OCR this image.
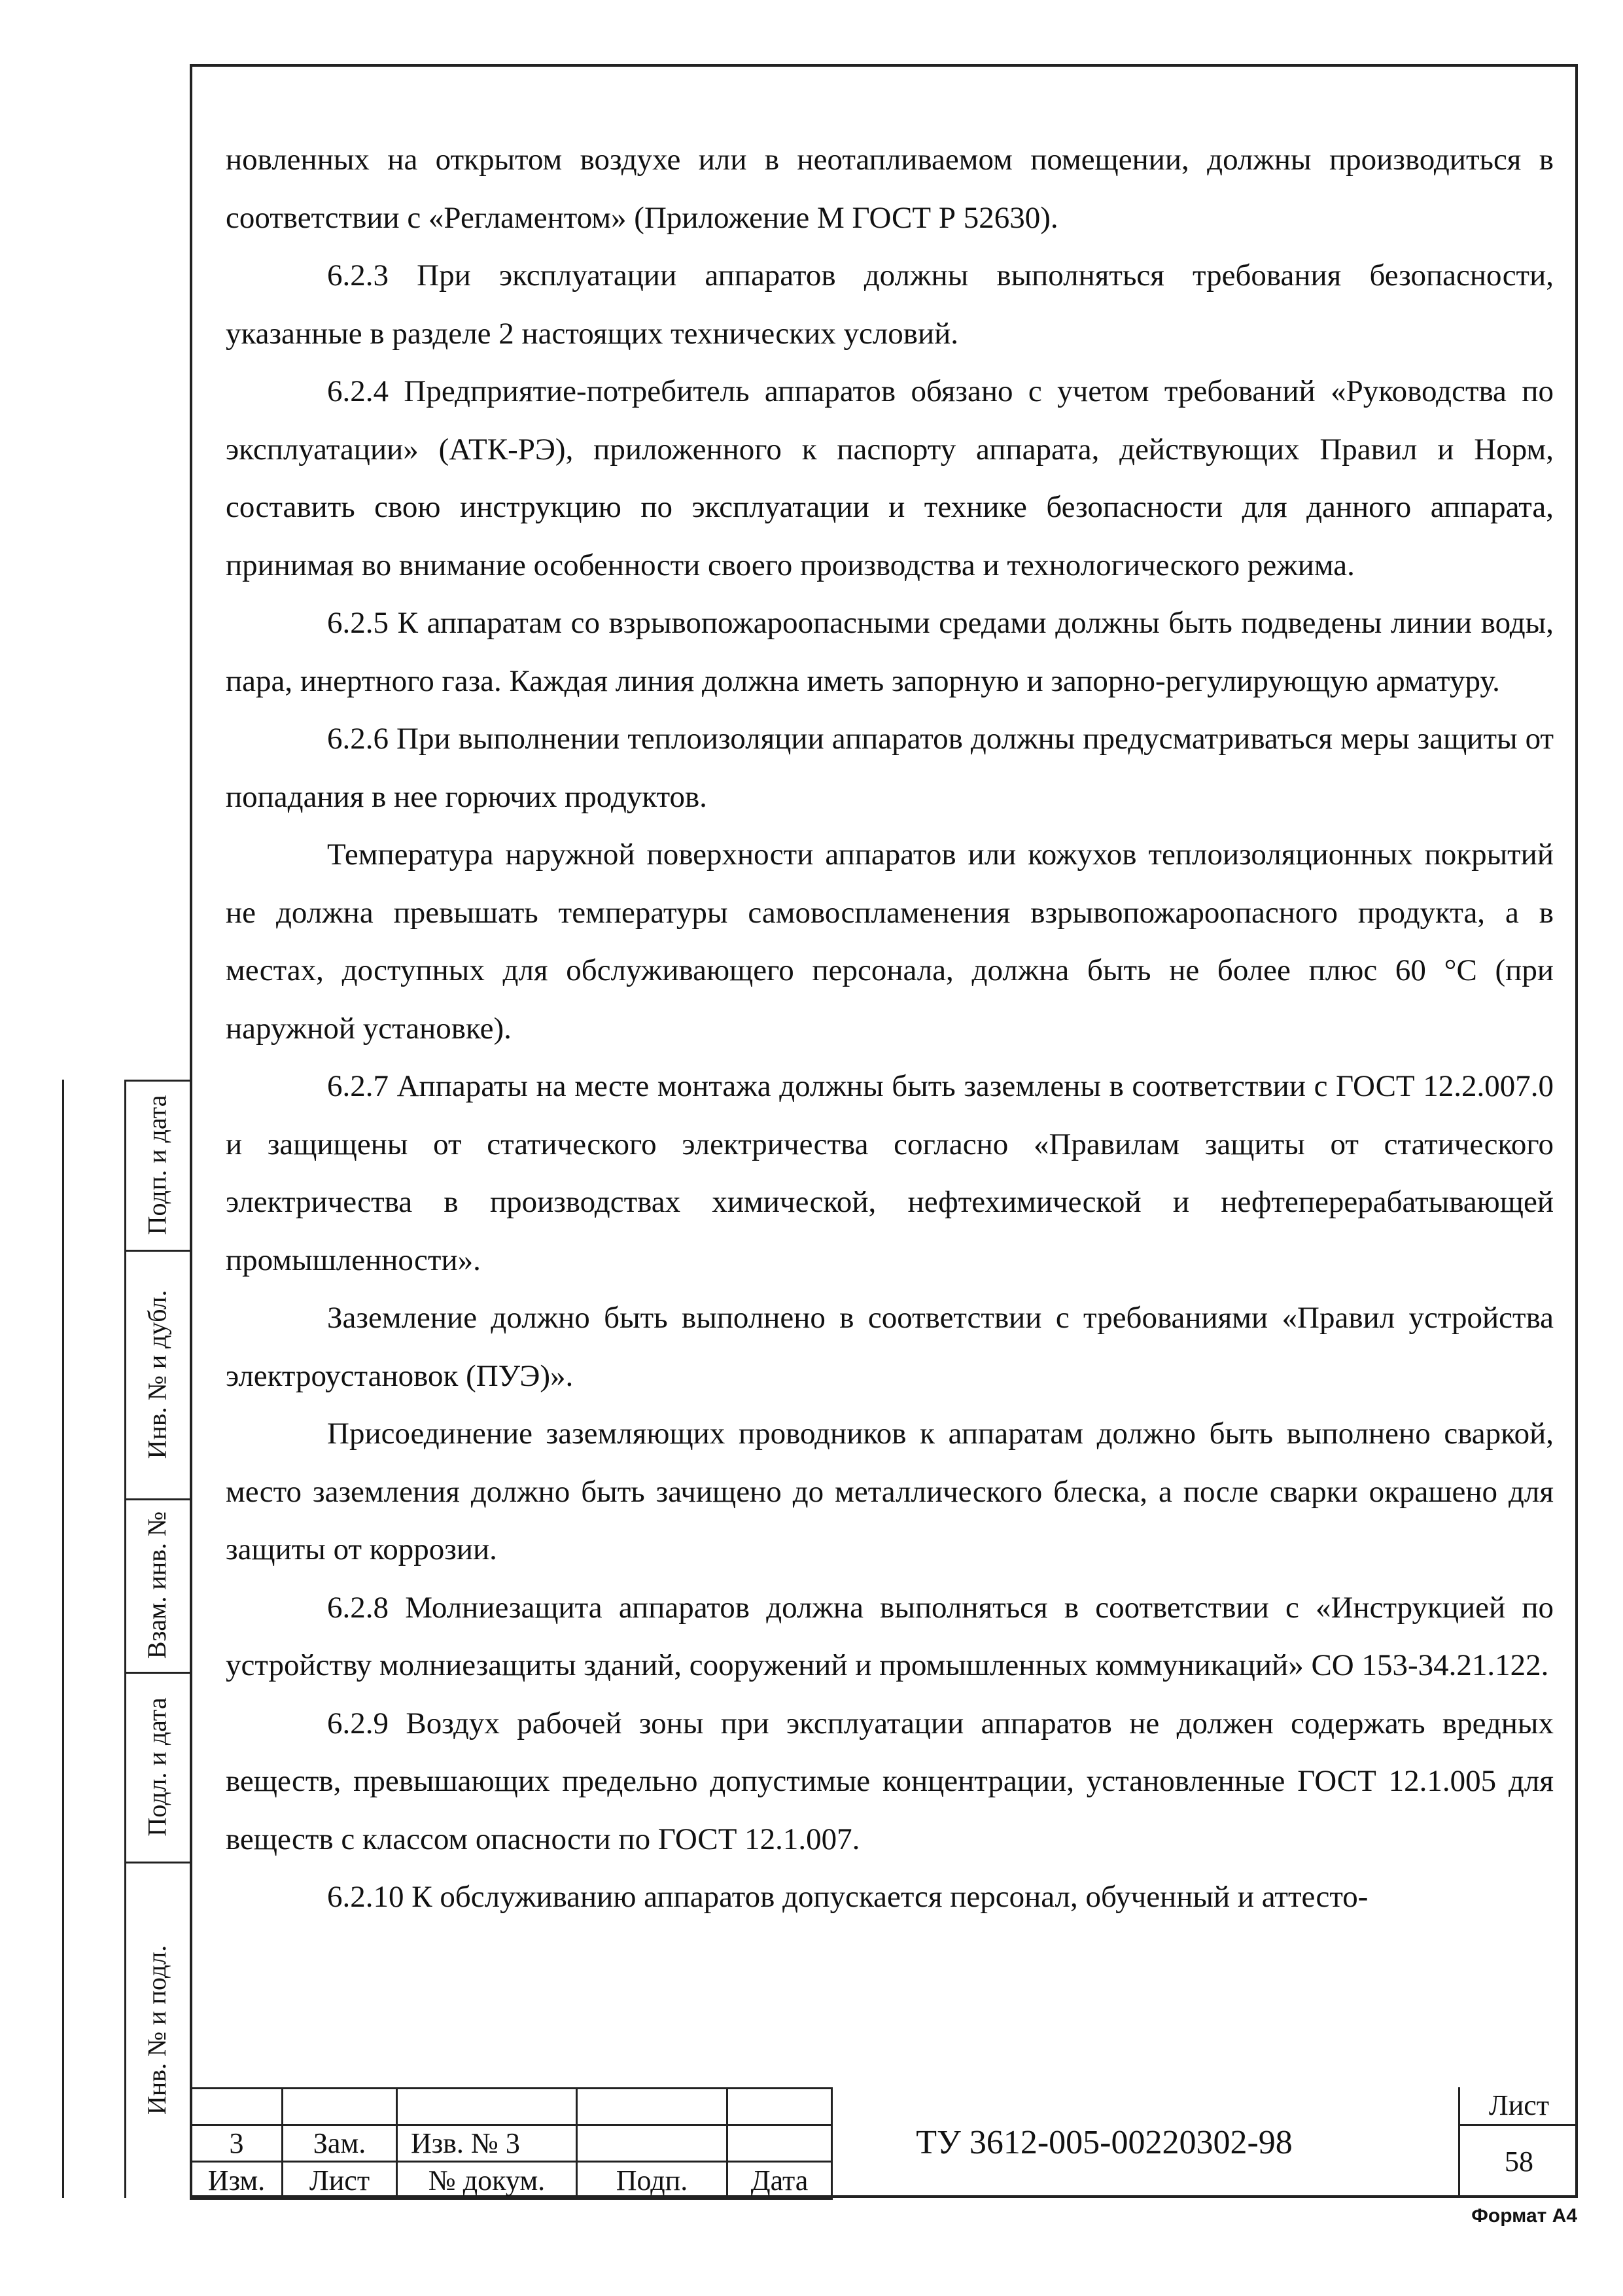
новленных на открытом воздухе или в неотапливаемом помещении, должны производиться в соответствии с «Регламентом» (Приложение М ГОСТ Р 52630).

6.2.3 При эксплуатации аппаратов должны выполняться требования безопасности, указанные в разделе 2 настоящих технических условий.

6.2.4 Предприятие-потребитель аппаратов обязано с учетом требований «Руководства по эксплуатации» (АТК-РЭ), приложенного к паспорту аппарата, действующих Правил и Норм, составить свою инструкцию по эксплуатации и технике безопасности для данного аппарата, принимая во внимание особенности своего производства и технологического режима.

6.2.5 К аппаратам со взрывопожароопасными средами должны быть подведены линии воды, пара, инертного газа. Каждая линия должна иметь запорную и запорно-регулирующую арматуру.

6.2.6 При выполнении теплоизоляции аппаратов должны предусматриваться меры защиты от попадания в нее горючих продуктов.

Температура наружной поверхности аппаратов или кожухов теплоизоляционных покрытий не должна превышать температуры самовоспламенения взрывопожароопасного продукта, а в местах, доступных для обслуживающего персонала, должна быть не более плюс 60 °С (при наружной установке).

6.2.7 Аппараты на месте монтажа должны быть заземлены в соответствии с ГОСТ 12.2.007.0 и защищены от статического электричества согласно «Правилам защиты от статического электричества в производствах химической, нефтехимической и нефтеперерабатывающей промышленности».

Заземление должно быть выполнено в соответствии с требованиями «Правил устройства электроустановок (ПУЭ)».

Присоединение заземляющих проводников к аппаратам должно быть выполнено сваркой, место заземления должно быть зачищено до металлического блеска, а после сварки окрашено для защиты от коррозии.

6.2.8 Молниезащита аппаратов должна выполняться в соответствии с «Инструкцией по устройству молниезащиты зданий, сооружений и промышленных коммуникаций» СО 153-34.21.122.

6.2.9 Воздух рабочей зоны при эксплуатации аппаратов не должен содержать вредных веществ, превышающих предельно допустимые концентрации, установленные ГОСТ 12.1.005 для веществ с классом опасности по ГОСТ 12.1.007.

6.2.10 К обслуживанию аппаратов допускается персонал, обученный и аттесто-

Подп. и дата
Инв. № и дубл.
Взам. инв. №
Подл. и дата
Инв. № и подл.

3	Зам.	Изв. № 3		
Изм.	Лист	№ докум.	Подп.	Дата
ТУ 3612-005-00220302-98
Лист
58
Формат А4
